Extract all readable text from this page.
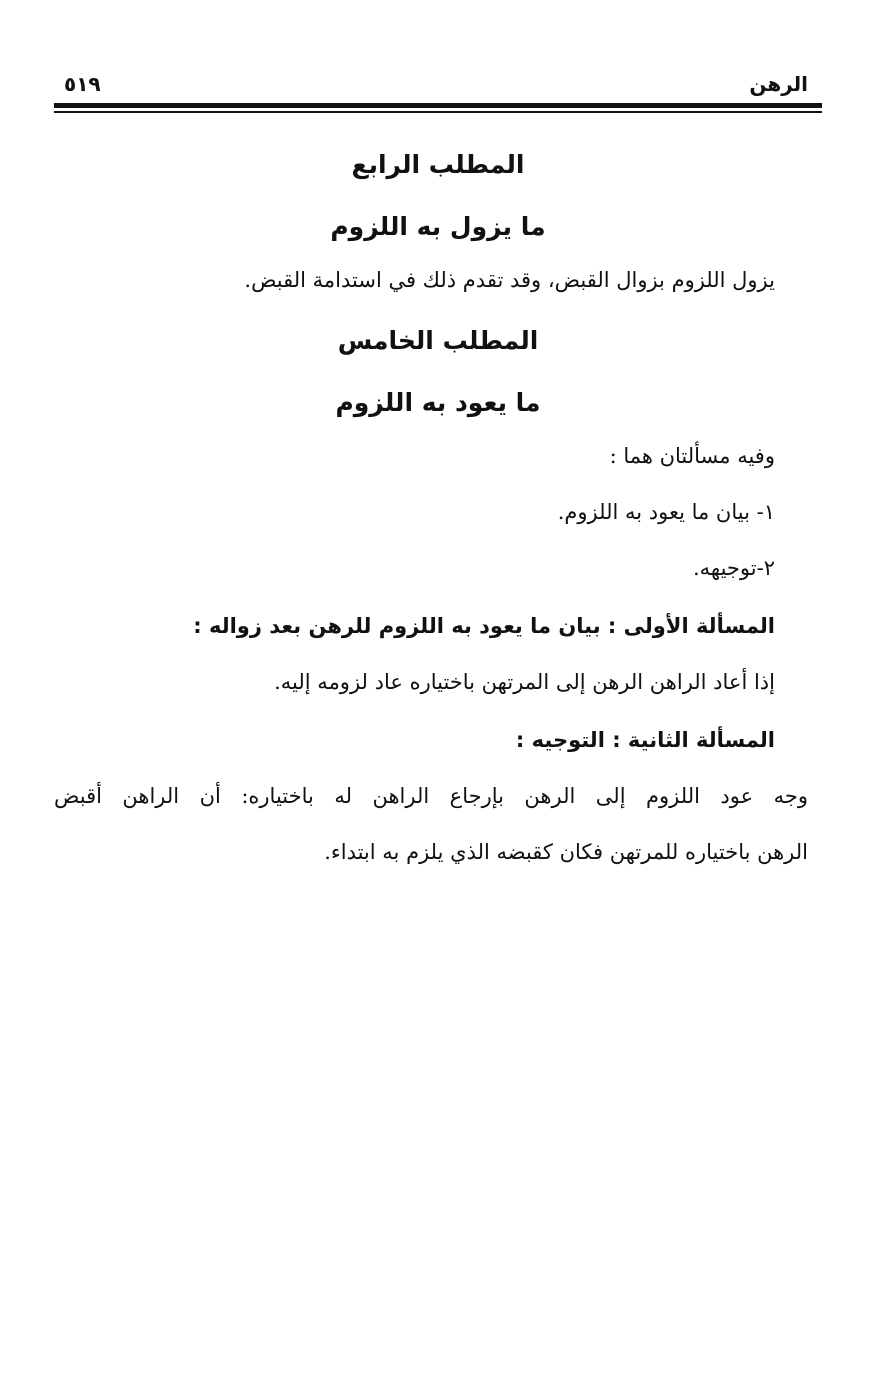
الرهن
٥١٩
المطلب الرابع
ما يزول به اللزوم
يزول اللزوم بزوال القبض، وقد تقدم ذلك في استدامة القبض.
المطلب الخامس
ما يعود به اللزوم
وفيه مسألتان هما :
١- بيان ما يعود به اللزوم.
٢-توجيهه.
المسألة الأولى : بيان ما يعود به اللزوم للرهن بعد زواله :
إذا أعاد الراهن الرهن إلى المرتهن باختياره عاد لزومه إليه.
المسألة الثانية : التوجيه :
وجه عود اللزوم إلى الرهن بإرجاع الراهن له باختياره: أن الراهن أقبض
الرهن باختياره للمرتهن فكان كقبضه الذي يلزم به ابتداء.
